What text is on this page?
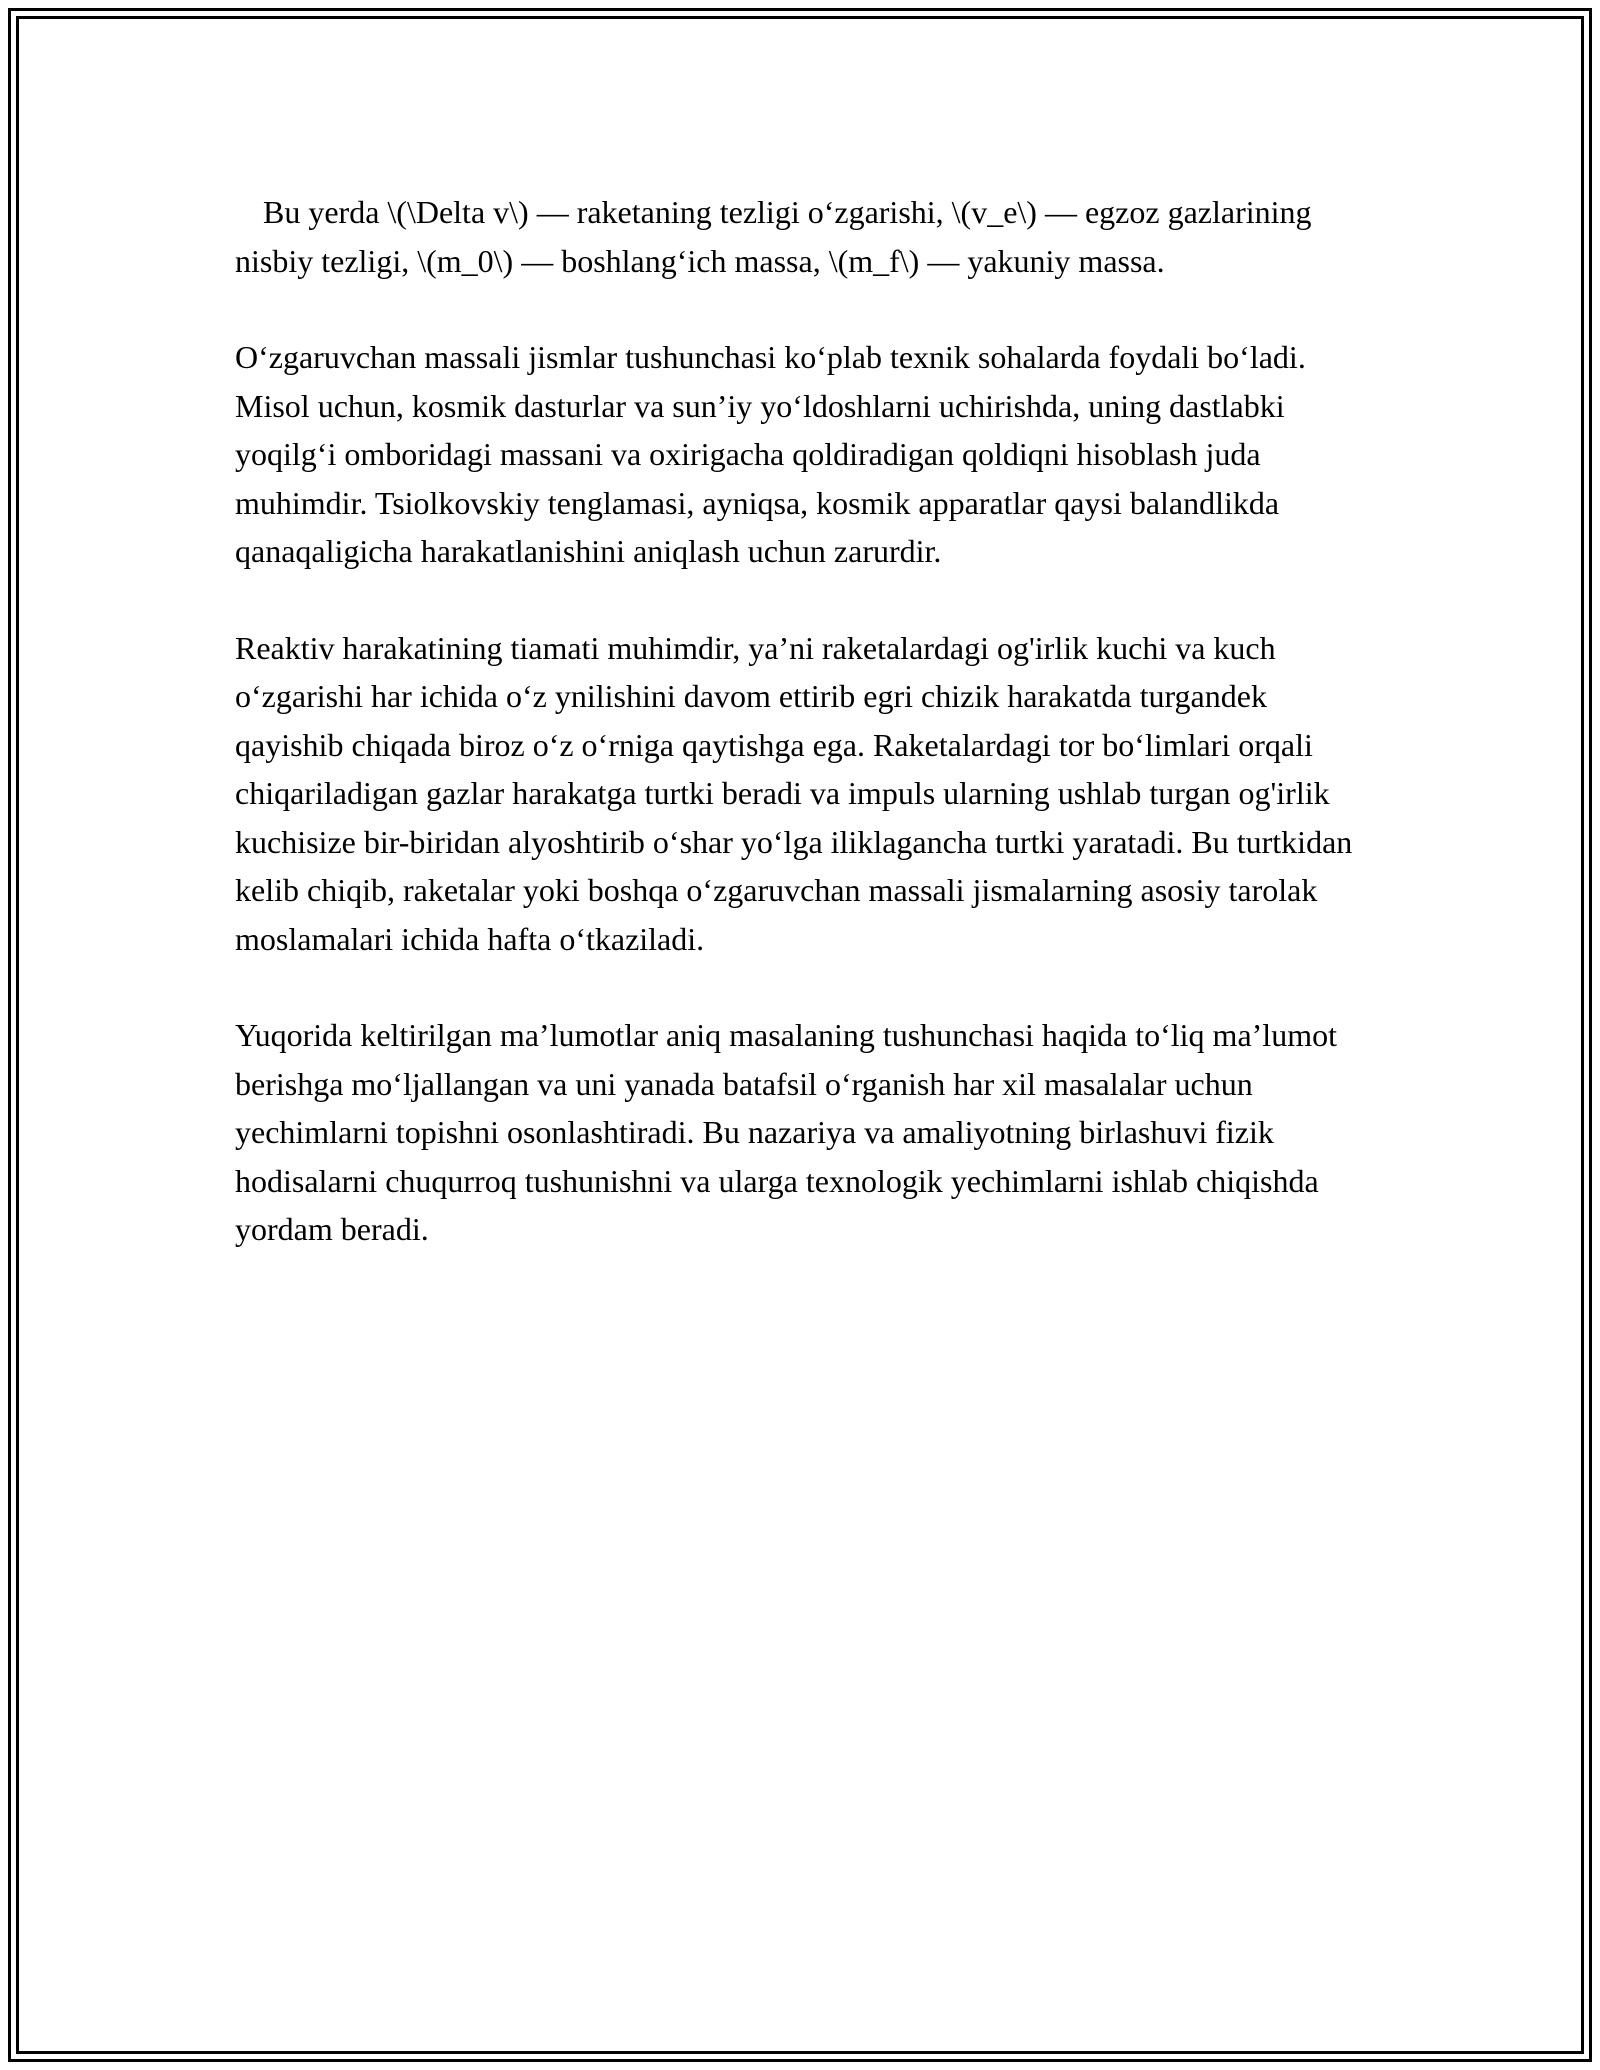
Bu yerda \(\Delta v\) — raketaning tezligi o‘zgarishi, \(v_e\) — egzoz gazlarining nisbiy tezligi, \(m_0\) — boshlang‘ich massa, \(m_f\) — yakuniy massa.

O‘zgaruvchan massali jismlar tushunchasi ko‘plab texnik sohalarda foydali bo‘ladi. Misol uchun, kosmik dasturlar va sun’iy yo‘ldoshlarni uchirishda, uning dastlabki yoqilg‘i omboridagi massani va oxirigacha qoldiradigan qoldiqni hisoblash juda muhimdir. Tsiolkovskiy tenglamasi, ayniqsa, kosmik apparatlar qaysi balandlikda qanaqaligicha harakatlanishini aniqlash uchun zarurdir.

Reaktiv harakatining tiamati muhimdir, ya’ni raketalardagi og'irlik kuchi va kuch o‘zgarishi har ichida o‘z ynilishini davom ettirib egri chizik harakatda turgandek qayishib chiqada biroz o‘z o‘rniga qaytishga ega. Raketalardagi tor bo‘limlari orqali chiqariladigan gazlar harakatga turtki beradi va impuls ularning ushlab turgan og'irlik kuchisize bir-biridan alyoshtirib o‘shar yo‘lga iliklagancha turtki yaratadi. Bu turtkidan kelib chiqib, raketalar yoki boshqa o‘zgaruvchan massali jismalarning asosiy tarolak moslamalari ichida hafta o‘tkaziladi.

Yuqorida keltirilgan ma’lumotlar aniq masalaning tushunchasi haqida to‘liq ma’lumot berishga mo‘ljallangan va uni yanada batafsil o‘rganish har xil masalalar uchun yechimlarni topishni osonlashtiradi. Bu nazariya va amaliyotning birlashuvi fizik hodisalarni chuqurroq tushunishni va ularga texnologik yechimlarni ishlab chiqishda yordam beradi.
